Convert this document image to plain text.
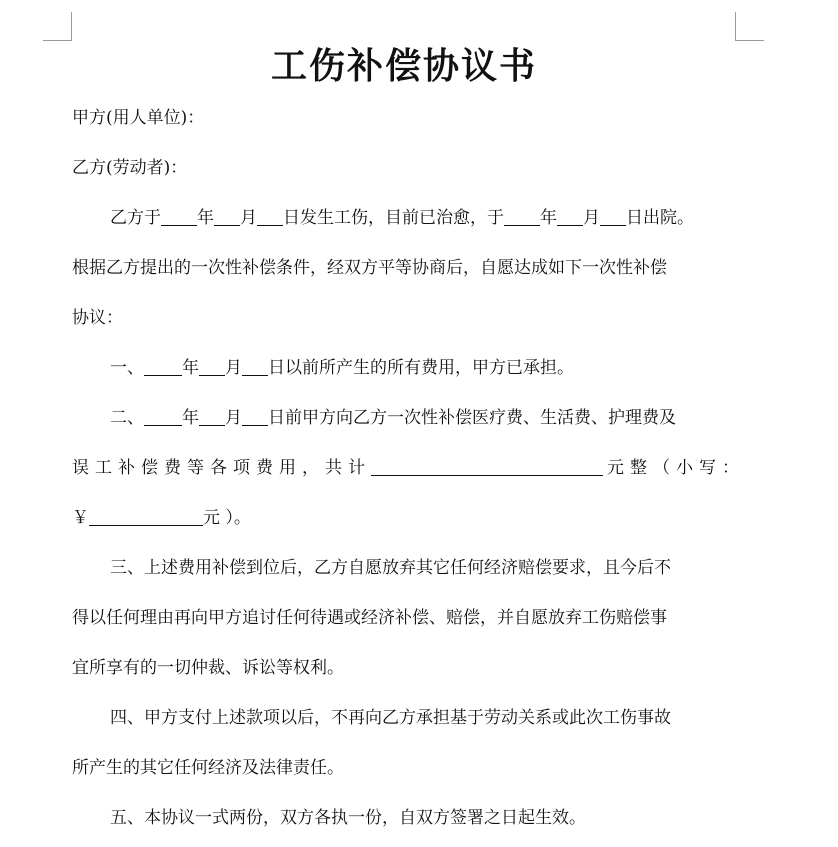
工伤补偿协议书
甲方(用人单位)：
乙方(劳动者)：
乙方于 年 月 日发生工伤，目前已治愈，于 年 月 日出院。
根据乙方提出的一次性补偿条件，经双方平等协商后，自愿达成如下一次性补偿
协议：
一、 年 月 日以前所产生的所有费用，甲方已承担。
二、 年 月 日前甲方向乙方一次性补偿医疗费、生活费、护理费及
误工补偿费等各项费用，共计	元整（小写：
￥	元 ）。
三、上述费用补偿到位后，乙方自愿放弃其它任何经济赔偿要求，且今后不
得以任何理由再向甲方追讨任何待遇或经济补偿、赔偿，并自愿放弃工伤赔偿事
宜所享有的一切仲裁、诉讼等权利。
四、甲方支付上述款项以后，不再向乙方承担基于劳动关系或此次工伤事故
所产生的其它任何经济及法律责任。
五、本协议一式两份，双方各执一份，自双方签署之日起生效。
